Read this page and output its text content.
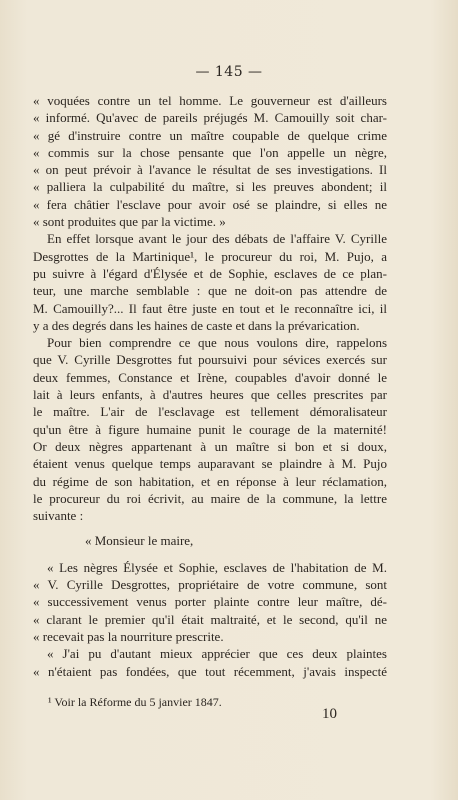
— 145 —
« voquées contre un tel homme. Le gouverneur est d'ailleurs
« informé. Qu'avec de pareils préjugés M. Camouilly soit char-
« gé d'instruire contre un maître coupable de quelque crime
« commis sur la chose pensante que l'on appelle un nègre,
« on peut prévoir à l'avance le résultat de ses investigations. Il
« palliera la culpabilité du maître, si les preuves abondent; il
« fera châtier l'esclave pour avoir osé se plaindre, si elles ne
« sont produites que par la victime. »
En effet lorsque avant le jour des débats de l'affaire V. Cyrille
Desgrottes de la Martinique¹, le procureur du roi, M. Pujo, a
pu suivre à l'égard d'Élysée et de Sophie, esclaves de ce plan-
teur, une marche semblable : que ne doit-on pas attendre de
M. Camouilly?... Il faut être juste en tout et le reconnaître ici, il
y a des degrés dans les haines de caste et dans la prévarication.
Pour bien comprendre ce que nous voulons dire, rappelons
que V. Cyrille Desgrottes fut poursuivi pour sévices exercés sur
deux femmes, Constance et Irène, coupables d'avoir donné le
lait à leurs enfants, à d'autres heures que celles prescrites par
le maître. L'air de l'esclavage est tellement démoralisateur
qu'un être à figure humaine punit le courage de la maternité!
Or deux nègres appartenant à un maître si bon et si doux,
étaient venus quelque temps auparavant se plaindre à M. Pujo
du régime de son habitation, et en réponse à leur réclamation,
le procureur du roi écrivit, au maire de la commune, la lettre
suivante :
« Monsieur le maire,
« Les nègres Élysée et Sophie, esclaves de l'habitation de M.
« V. Cyrille Desgrottes, propriétaire de votre commune, sont
« successivement venus porter plainte contre leur maître, dé-
« clarant le premier qu'il était maltraité, et le second, qu'il ne
« recevait pas la nourriture prescrite.
« J'ai pu d'autant mieux apprécier que ces deux plaintes
« n'étaient pas fondées, que tout récemment, j'avais inspecté
¹ Voir la Réforme du 5 janvier 1847.
10
